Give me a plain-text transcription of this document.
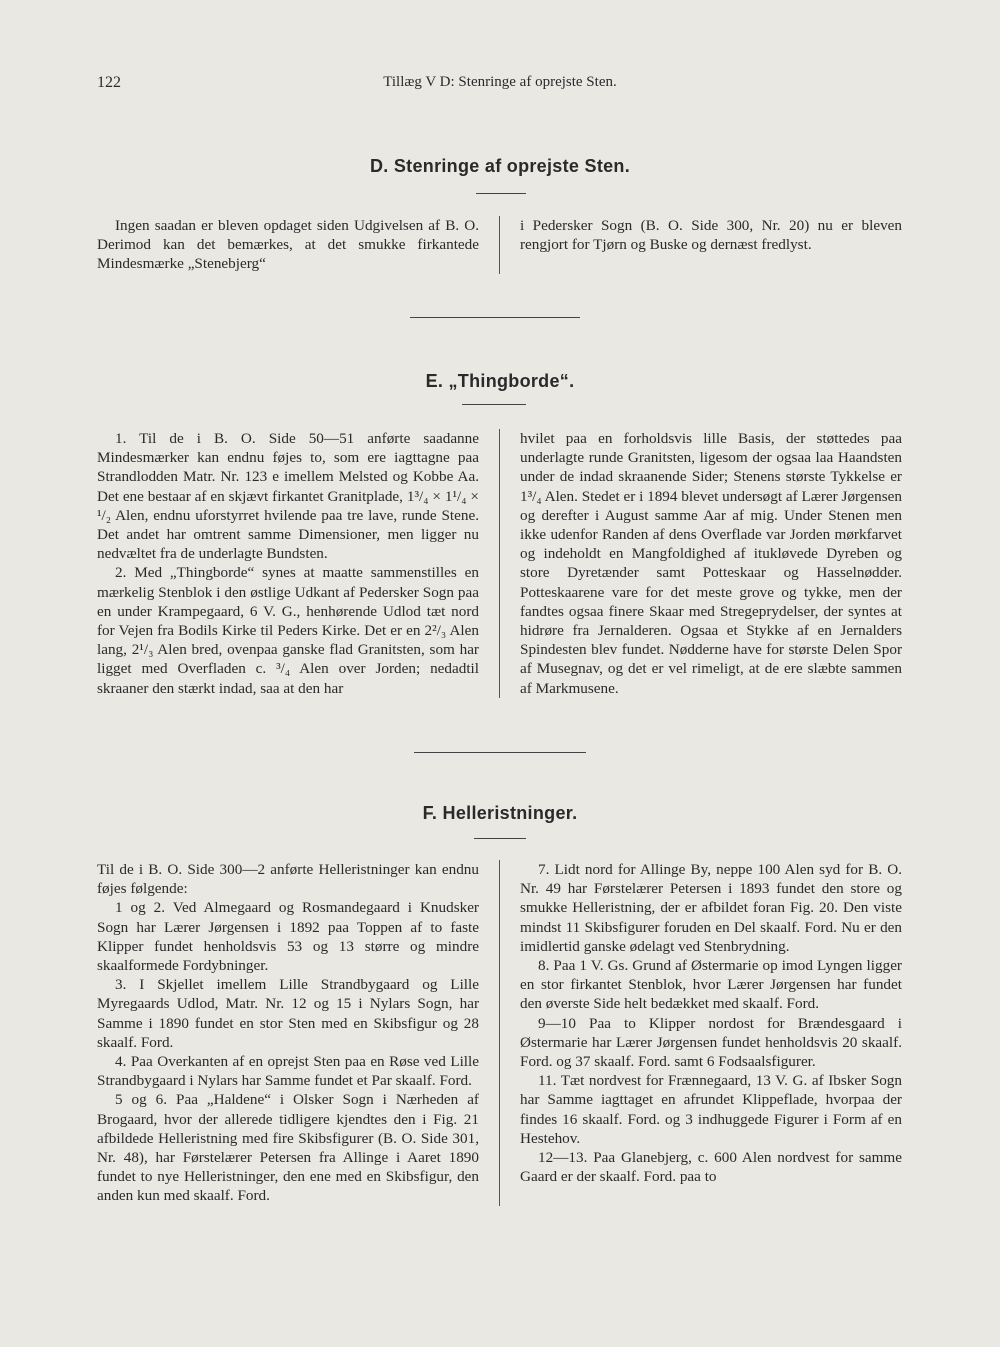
122	Tillæg V D: Stenringe af oprejste Sten.
D. Stenringe af oprejste Sten.

Ingen saadan er bleven opdaget siden Udgivelsen af B. O. Derimod kan det bemærkes, at det smukke firkantede Mindesmærke „Stenebjerg“

i Pedersker Sogn (B. O. Side 300, Nr. 20) nu er bleven rengjort for Tjørn og Buske og dernæst fredlyst.

E. „Thingborde“.

1. Til de i B. O. Side 50—51 anførte saadanne Mindesmærker kan endnu føjes to, som ere iagttagne paa Strandlodden Matr. Nr. 123 e imellem Melsted og Kobbe Aa. Det ene bestaar af en skjævt firkantet Granitplade, 1³/₄ × 1¹/₄ × ¹/₂ Alen, endnu uforstyrret hvilende paa tre lave, runde Stene. Det andet har omtrent samme Dimensioner, men ligger nu nedvæltet fra de underlagte Bundsten.

2. Med „Thingborde“ synes at maatte sammenstilles en mærkelig Stenblok i den østlige Udkant af Pedersker Sogn paa en under Krampegaard, 6 V. G., henhørende Udlod tæt nord for Vejen fra Bodils Kirke til Peders Kirke. Det er en 2²/₃ Alen lang, 2¹/₃ Alen bred, ovenpaa ganske flad Granitsten, som har ligget med Overfladen c. ³/₄ Alen over Jorden; nedadtil skraaner den stærkt indad, saa at den har

hvilet paa en forholdsvis lille Basis, der støttedes paa underlagte runde Granitsten, ligesom der ogsaa laa Haandsten under de indad skraanende Sider; Stenens største Tykkelse er 1³/₄ Alen. Stedet er i 1894 blevet undersøgt af Lærer Jørgensen og derefter i August samme Aar af mig. Under Stenen men ikke udenfor Randen af dens Overflade var Jorden mørkfarvet og indeholdt en Mangfoldighed af itukløvede Dyreben og store Dyretænder samt Potteskaar og Hasselnødder. Potteskaarene vare for det meste grove og tykke, men der fandtes ogsaa finere Skaar med Stregeprydelser, der syntes at hidrøre fra Jernalderen. Ogsaa et Stykke af en Jernalders Spindesten blev fundet. Nødderne have for største Delen Spor af Musegnav, og det er vel rimeligt, at de ere slæbte sammen af Markmusene.

F. Helleristninger.

Til de i B. O. Side 300—2 anførte Helleristninger kan endnu føjes følgende:

1 og 2. Ved Almegaard og Rosmandegaard i Knudsker Sogn har Lærer Jørgensen i 1892 paa Toppen af to faste Klipper fundet henholdsvis 53 og 13 større og mindre skaalformede Fordybninger.

3. I Skjellet imellem Lille Strandbygaard og Lille Myregaards Udlod, Matr. Nr. 12 og 15 i Nylars Sogn, har Samme i 1890 fundet en stor Sten med en Skibsfigur og 28 skaalf. Ford.

4. Paa Overkanten af en oprejst Sten paa en Røse ved Lille Strandbygaard i Nylars har Samme fundet et Par skaalf. Ford.

5 og 6. Paa „Haldene“ i Olsker Sogn i Nærheden af Brogaard, hvor der allerede tidligere kjendtes den i Fig. 21 afbildede Helleristning med fire Skibsfigurer (B. O. Side 301, Nr. 48), har Førstelærer Petersen fra Allinge i Aaret 1890 fundet to nye Helleristninger, den ene med en Skibsfigur, den anden kun med skaalf. Ford.

7. Lidt nord for Allinge By, neppe 100 Alen syd for B. O. Nr. 49 har Førstelærer Petersen i 1893 fundet den store og smukke Helleristning, der er afbildet foran Fig. 20. Den viste mindst 11 Skibsfigurer foruden en Del skaalf. Ford. Nu er den imidlertid ganske ødelagt ved Stenbrydning.

8. Paa 1 V. Gs. Grund af Østermarie op imod Lyngen ligger en stor firkantet Stenblok, hvor Lærer Jørgensen har fundet den øverste Side helt bedækket med skaalf. Ford.

9—10 Paa to Klipper nordost for Brændesgaard i Østermarie har Lærer Jørgensen fundet henholdsvis 20 skaalf. Ford. og 37 skaalf. Ford. samt 6 Fodsaalsfigurer.

11. Tæt nordvest for Frænnegaard, 13 V. G. af Ibsker Sogn har Samme iagttaget en afrundet Klippeflade, hvorpaa der findes 16 skaalf. Ford. og 3 indhuggede Figurer i Form af en Hestehov.

12—13. Paa Glanebjerg, c. 600 Alen nordvest for samme Gaard er der skaalf. Ford. paa to
